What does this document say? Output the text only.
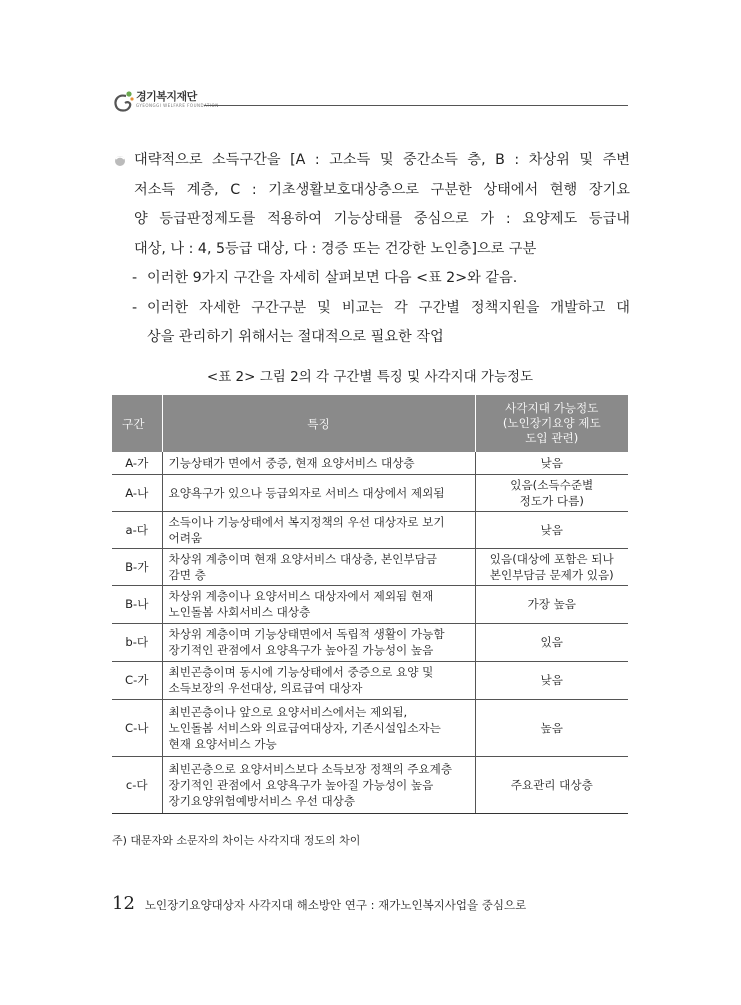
경기복지재단
GYEONGGI WELFARE FOUNDATION
대략적으로 소득구간을 [A : 고소득 및 중간소득 층, B : 차상위 및 주변
저소득 계층, C : 기초생활보호대상층으로 구분한 상태에서 현행 장기요
양 등급판정제도를 적용하여 기능상태를 중심으로 가 : 요양제도 등급내
대상, 나 : 4, 5등급 대상, 다 : 경증 또는 건강한 노인층]으로 구분
- 이러한 9가지 구간을 자세히 살펴보면 다음 <표 2>와 같음.
- 이러한 자세한 구간구분 및 비교는 각 구간별 정책지원을 개발하고 대
상을 관리하기 위해서는 절대적으로 필요한 작업
<표 2> 그림 2의 각 구간별 특징 및 사각지대 가능정도
구간	특징	사각지대 가능정도
(노인장기요양 제도
도입 관련)
A-가	기능상태가 면에서 중증, 현재 요양서비스 대상층	낮음
A-나	요양욕구가 있으나 등급외자로 서비스 대상에서 제외됨	있음(소득수준별
정도가 다름)
a-다	소득이나 기능상태에서 복지정책의 우선 대상자로 보기
어려움	낮음
B-가	차상위 계층이며 현재 요양서비스 대상층, 본인부담금
감면 층	있음(대상에 포함은 되나
본인부담금 문제가 있음)
B-나	차상위 계층이나 요양서비스 대상자에서 제외됨 현재
노인돌봄 사회서비스 대상층	가장 높음
b-다	차상위 계층이며 기능상태면에서 독립적 생활이 가능함
장기적인 관점에서 요양욕구가 높아질 가능성이 높음	있음
C-가	최빈곤층이며 동시에 기능상태에서 중증으로 요양 및
소득보장의 우선대상, 의료급여 대상자	낮음
C-나	최빈곤층이나 앞으로 요양서비스에서는 제외됨,
노인돌봄 서비스와 의료급여대상자, 기존시설입소자는
현재 요양서비스 가능	높음
c-다	최빈곤층으로 요양서비스보다 소득보장 정책의 주요계층
장기적인 관점에서 요양욕구가 높아질 가능성이 높음
장기요양위험예방서비스 우선 대상층	주요관리 대상층
주) 대문자와 소문자의 차이는 사각지대 정도의 차이
12 노인장기요양대상자 사각지대 해소방안 연구 : 재가노인복지사업을 중심으로
